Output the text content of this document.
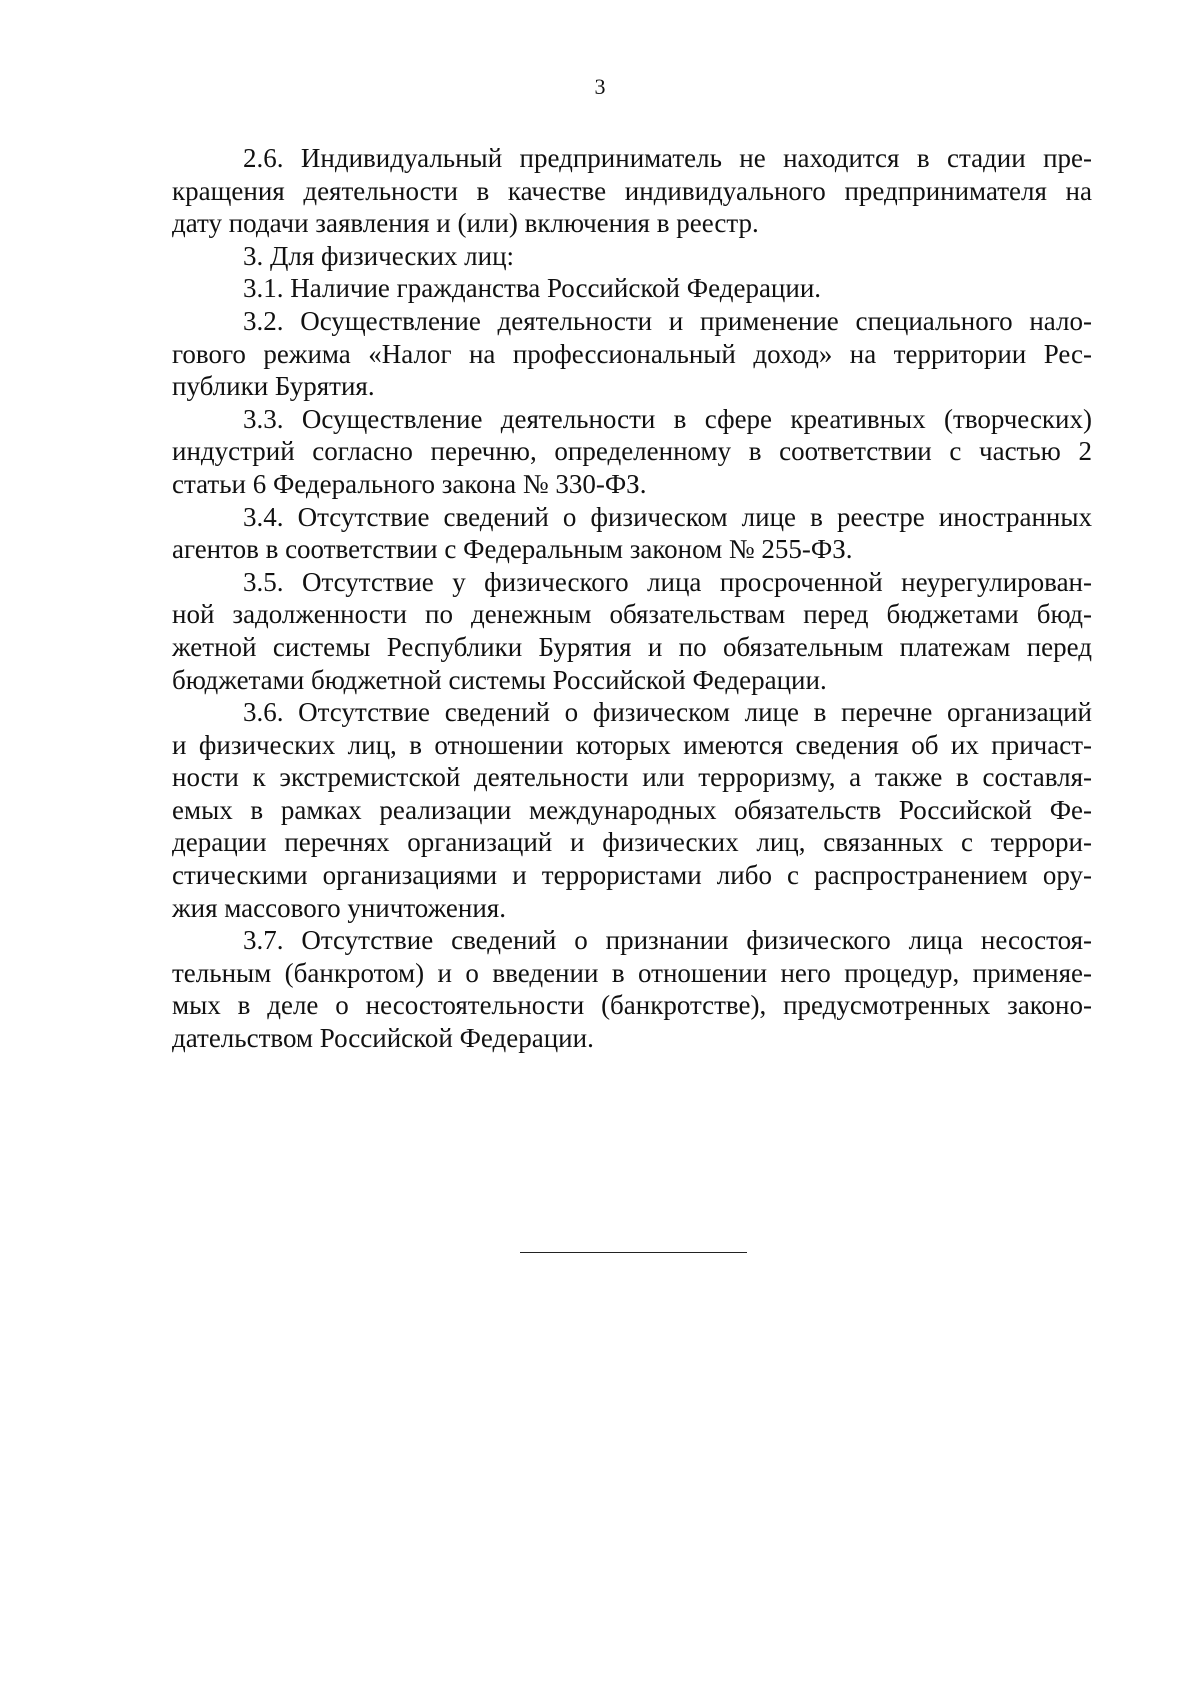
3
2.6. Индивидуальный предприниматель не находится в стадии пре-
кращения деятельности в качестве индивидуального предпринимателя на
дату подачи заявления и (или) включения в реестр.
3. Для физических лиц:
3.1. Наличие гражданства Российской Федерации.
3.2. Осуществление деятельности и применение специального нало-
гового режима «Налог на профессиональный доход» на территории Рес-
публики Бурятия.
3.3. Осуществление деятельности в сфере креативных (творческих)
индустрий согласно перечню, определенному в соответствии с частью 2
статьи 6 Федерального закона № 330-ФЗ.
3.4. Отсутствие сведений о физическом лице в реестре иностранных
агентов в соответствии с Федеральным законом № 255-ФЗ.
3.5. Отсутствие у физического лица просроченной неурегулирован-
ной задолженности по денежным обязательствам перед бюджетами бюд-
жетной системы Республики Бурятия и по обязательным платежам перед
бюджетами бюджетной системы Российской Федерации.
3.6. Отсутствие сведений о физическом лице в перечне организаций
и физических лиц, в отношении которых имеются сведения об их причаст-
ности к экстремистской деятельности или терроризму, а также в составля-
емых в рамках реализации международных обязательств Российской Фе-
дерации перечнях организаций и физических лиц, связанных с террори-
стическими организациями и террористами либо с распространением ору-
жия массового уничтожения.
3.7. Отсутствие сведений о признании физического лица несостоя-
тельным (банкротом) и о введении в отношении него процедур, применяе-
мых в деле о несостоятельности (банкротстве), предусмотренных законо-
дательством Российской Федерации.
